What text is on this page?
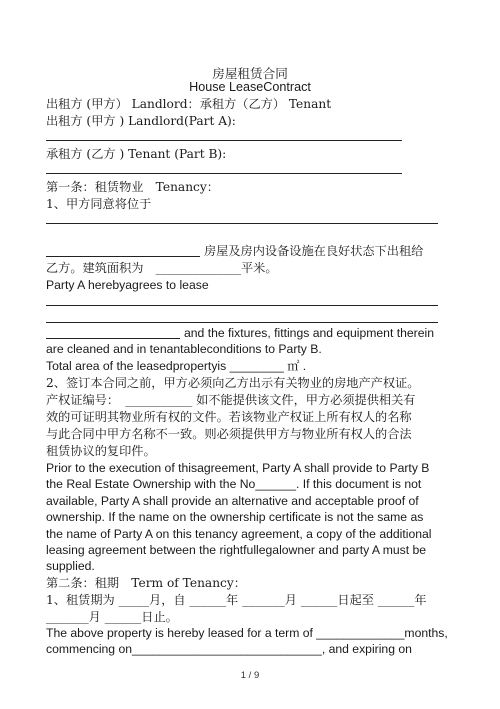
房屋租赁合同
House LeaseContract
出租方 (甲方） Landlord：承租方（乙方） Tenant
出租方 (甲方 ) Landlord(Part A):
承租方 (乙方 ) Tenant (Part B):
第一条：租赁物业　Tenancy：
1、甲方同意将位于
房屋及房内设备设施在良好状态下出租给
乙方。建筑面积为　______________平米。
Party A herebyagrees to lease
and the fixtures, fittings and equipment therein
are cleaned and in tenantableconditions to Party B.
Total area of the leasedpropertyis ________ ㎡ .
2、签订本合同之前，甲方必须向乙方出示有关物业的房地产产权证。
产权证编号：　___________ 如不能提供该文件，甲方必须提供相关有
效的可证明其物业所有权的文件。若该物业产权证上所有权人的名称
与此合同中甲方名称不一致。则必须提供甲方与物业所有权人的合法
租赁协议的复印件。
Prior to the execution of thisagreement, Party A shall provide to Party B
the Real Estate Ownership with the No______. If this document is not
available, Party A shall provide an alternative and acceptable proof of
ownership. If the name on the ownership certificate is not the same as
the name of Party A on this tenancy agreement, a copy of the additional
leasing agreement between the rightfullegalowner and party A must be
supplied.
第二条：租期　Term of Tenancy：
1、租赁期为 _____月，自 ______年 _______月 ______日起至 ______年
_______月 ______日止。
The above property is hereby leased for a term of _____________months,
commencing on____________________________, and expiring on
1 / 9
